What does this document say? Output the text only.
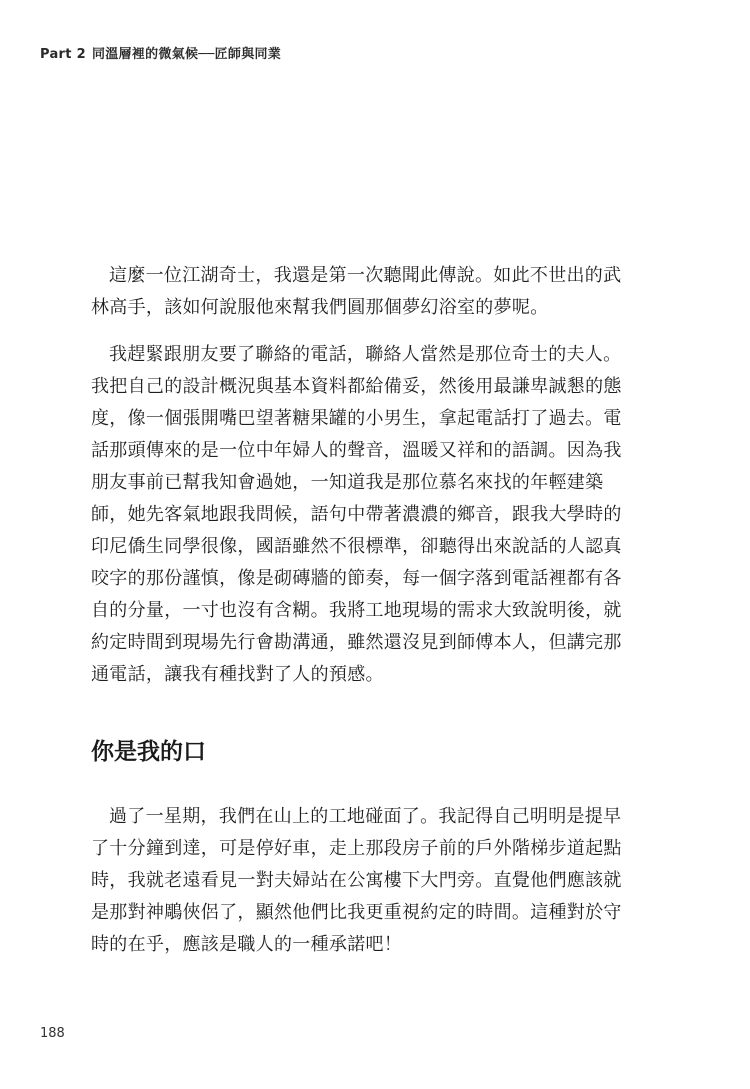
Part 2 同溫層裡的微氣候──匠師與同業

這麼一位江湖奇士，我還是第一次聽聞此傳說。如此不世出的武林高手，該如何說服他來幫我們圓那個夢幻浴室的夢呢。

我趕緊跟朋友要了聯絡的電話，聯絡人當然是那位奇士的夫人。我把自己的設計概況與基本資料都給備妥，然後用最謙卑誠懇的態度，像一個張開嘴巴望著糖果罐的小男生，拿起電話打了過去。電話那頭傳來的是一位中年婦人的聲音，溫暖又祥和的語調。因為我朋友事前已幫我知會過她，一知道我是那位慕名來找的年輕建築師，她先客氣地跟我問候，語句中帶著濃濃的鄉音，跟我大學時的印尼僑生同學很像，國語雖然不很標準，卻聽得出來說話的人認真咬字的那份謹慎，像是砌磚牆的節奏，每一個字落到電話裡都有各自的分量，一寸也沒有含糊。我將工地現場的需求大致說明後，就約定時間到現場先行會勘溝通，雖然還沒見到師傅本人，但講完那通電話，讓我有種找對了人的預感。

你是我的口

過了一星期，我們在山上的工地碰面了。我記得自己明明是提早了十分鐘到達，可是停好車，走上那段房子前的戶外階梯步道起點時，我就老遠看見一對夫婦站在公寓樓下大門旁。直覺他們應該就是那對神鵰俠侶了，顯然他們比我更重視約定的時間。這種對於守時的在乎，應該是職人的一種承諾吧！

188
